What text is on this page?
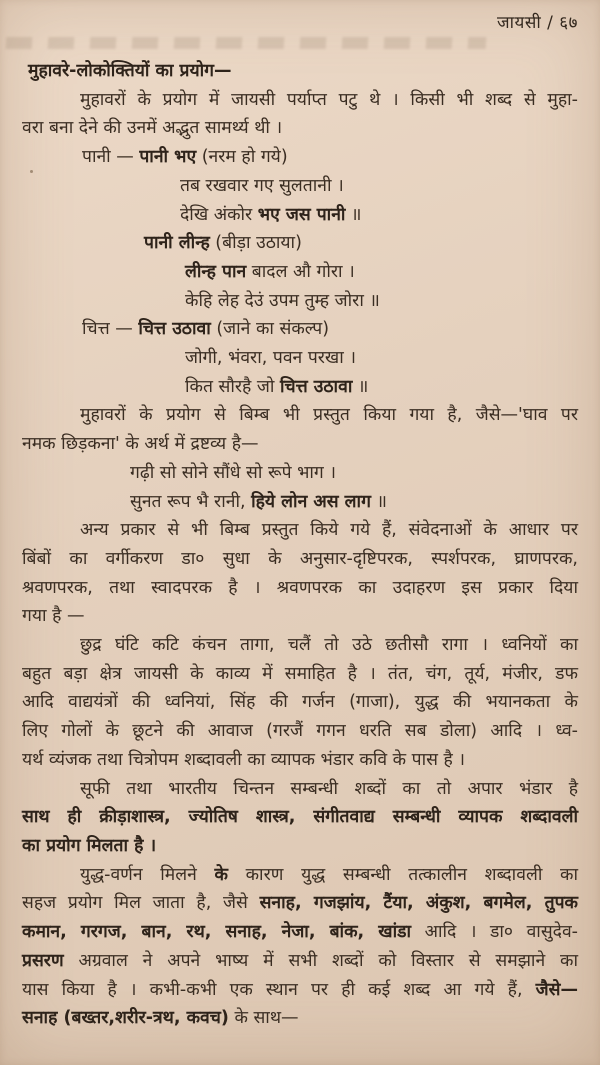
जायसी / ६७
मुहावरे-लोकोक्तियों का प्रयोग—
मुहावरों के प्रयोग में जायसी पर्याप्त पटु थे । किसी भी शब्द से मुहा-
वरा बना देने की उनमें अद्भुत सामर्थ्य थी ।
पानी — पानी भए (नरम हो गये)
तब रखवार गए सुलतानी ।
देखि अंकोर भए जस पानी ॥
पानी लीन्ह (बीड़ा उठाया)
लीन्ह पान बादल औ गोरा ।
केहि लेह देउं उपम तुम्ह जोरा ॥
चित्त — चित्त उठावा (जाने का संकल्प)
जोगी, भंवरा, पवन परखा ।
कित सौरहै जो चित्त उठावा ॥
मुहावरों के प्रयोग से बिम्ब भी प्रस्तुत किया गया है, जैसे—'घाव पर
नमक छिड़कना' के अर्थ में द्रष्टव्य है—
गढ़ी सो सोने सौंधे सो रूपे भाग ।
सुनत रूप भै रानी, हिये लोन अस लाग ॥
अन्य प्रकार से भी बिम्ब प्रस्तुत किये गये हैं, संवेदनाओं के आधार पर
बिंबों का वर्गीकरण डा० सुधा के अनुसार-दृष्टिपरक, स्पर्शपरक, घ्राणपरक,
श्रवणपरक, तथा स्वादपरक है । श्रवणपरक का उदाहरण इस प्रकार दिया
गया है —
छुद्र घंटि कटि कंचन तागा, चलैं तो उठे छतीसौ रागा । ध्वनियों का
बहुत बड़ा क्षेत्र जायसी के काव्य में समाहित है । तंत, चंग, तूर्य, मंजीर, डफ
आदि वाद्ययंत्रों की ध्वनियां, सिंह की गर्जन (गाजा), युद्ध की भयानकता के
लिए गोलों के छूटने की आवाज (गरजैं गगन धरति सब डोला) आदि । ध्व-
यर्थ व्यंजक तथा चित्रोपम शब्दावली का व्यापक भंडार कवि के पास है ।
सूफी तथा भारतीय चिन्तन सम्बन्धी शब्दों का तो अपार भंडार है
साथ ही क्रीड़ाशास्त्र, ज्योतिष शास्त्र, संगीतवाद्य सम्बन्धी व्यापक शब्दावली
का प्रयोग मिलता है ।
युद्ध-वर्णन मिलने के कारण युद्ध सम्बन्धी तत्कालीन शब्दावली का
सहज प्रयोग मिल जाता है, जैसे सनाह, गजझांय, टैंया, अंकुश, बगमेल, तुपक
कमान, गरगज, बान, रथ, सनाह, नेजा, बांक, खांडा आदि । डा० वासुदेव-
प्रसरण अग्रवाल ने अपने भाष्य में सभी शब्दों को विस्तार से समझाने का
यास किया है । कभी-कभी एक स्थान पर ही कई शब्द आ गये हैं, जैसे—
सनाह (बख्तर,शरीर-त्रथ, कवच) के साथ—
